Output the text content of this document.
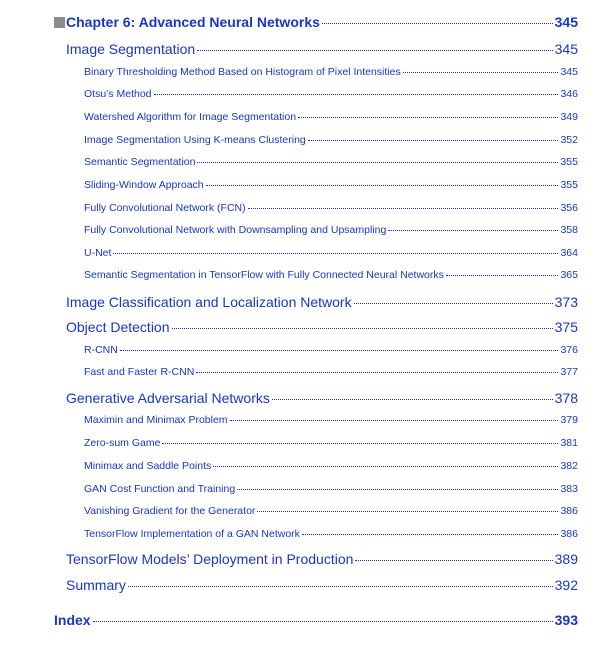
Chapter 6: Advanced Neural Networks	345
Image Segmentation	345
Binary Thresholding Method Based on Histogram of Pixel Intensities	345
Otsu’s Method	346
Watershed Algorithm for Image Segmentation	349
Image Segmentation Using K-means Clustering	352
Semantic Segmentation	355
Sliding-Window Approach	355
Fully Convolutional Network (FCN)	356
Fully Convolutional Network with Downsampling and Upsampling	358
U-Net	364
Semantic Segmentation in TensorFlow with Fully Connected Neural Networks	365
Image Classification and Localization Network	373
Object Detection	375
R-CNN	376
Fast and Faster R-CNN	377
Generative Adversarial Networks	378
Maximin and Minimax Problem	379
Zero-sum Game	381
Minimax and Saddle Points	382
GAN Cost Function and Training	383
Vanishing Gradient for the Generator	386
TensorFlow Implementation of a GAN Network	386
TensorFlow Models’ Deployment in Production	389
Summary	392
Index	393
